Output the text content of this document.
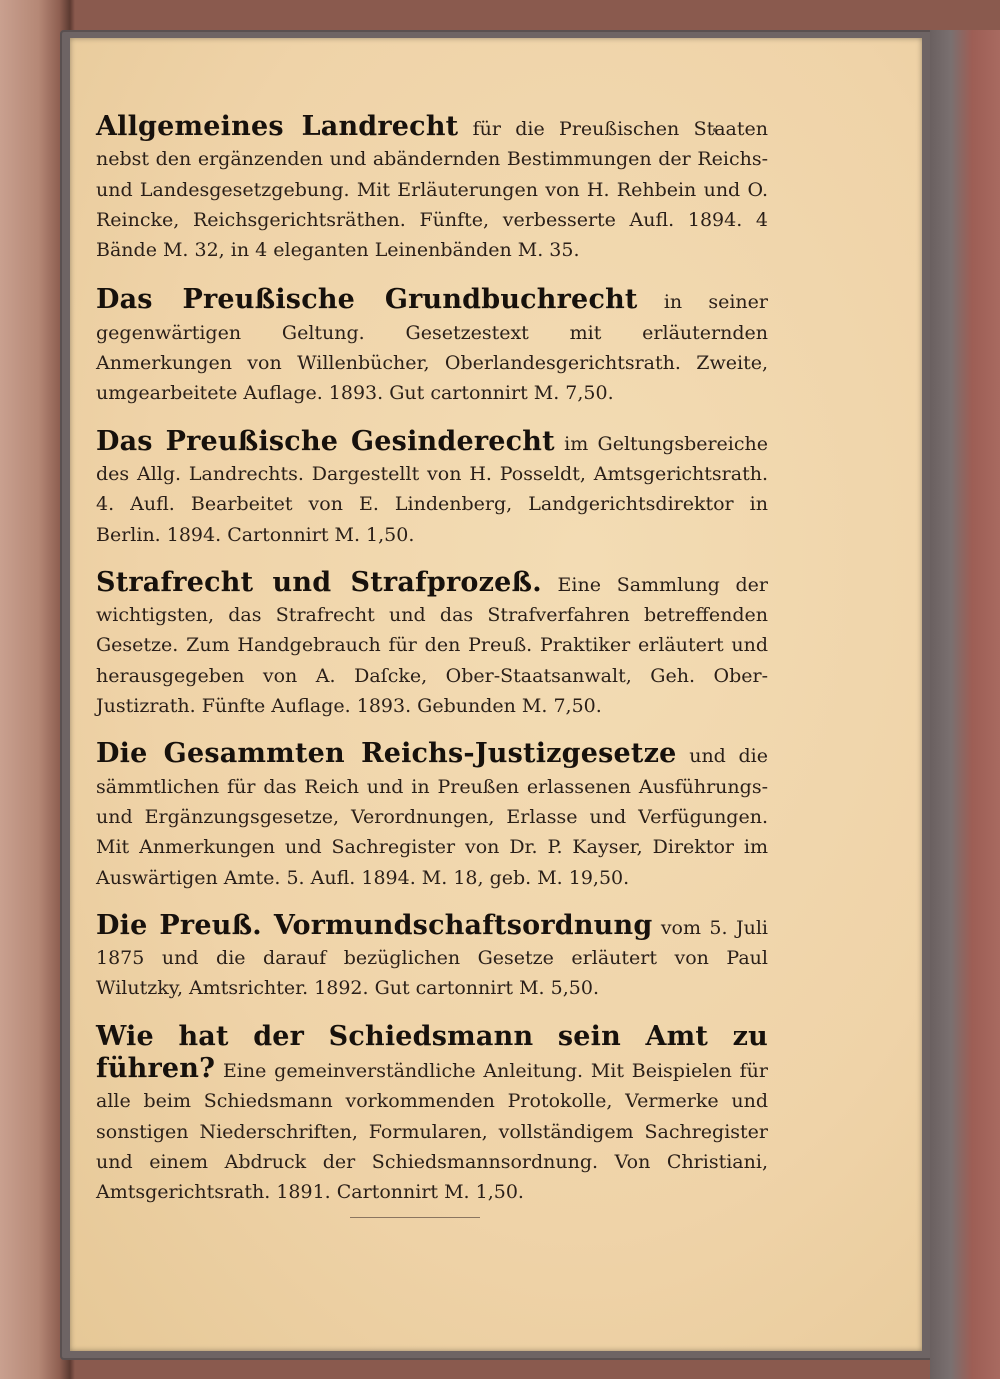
Allgemeines Landrecht für die Preußischen Staaten nebst den ergänzenden und abändernden Bestimmungen der Reichs- und Landesgesetzgebung. Mit Erläuterungen von H. Rehbein und O. Reincke, Reichsgerichtsräthen. Fünfte, verbesserte Aufl. 1894. 4 Bände M. 32, in 4 eleganten Leinenbänden M. 35.

Das Preußische Grundbuchrecht in seiner gegenwärtigen Geltung. Gesetzestext mit erläuternden Anmerkungen von Willenbücher, Oberlandesgerichtsrath. Zweite, umgearbeitete Auflage. 1893. Gut cartonnirt M. 7,50.

Das Preußische Gesinderecht im Geltungsbereiche des Allg. Landrechts. Dargestellt von H. Posseldt, Amtsgerichtsrath. 4. Aufl. Bearbeitet von E. Lindenberg, Landgerichtsdirektor in Berlin. 1894. Cartonnirt M. 1,50.

Strafrecht und Strafprozeß. Eine Sammlung der wichtigsten, das Strafrecht und das Strafverfahren betreffenden Gesetze. Zum Handgebrauch für den Preuß. Praktiker erläutert und herausgegeben von A. Daſcke, Ober-Staatsanwalt, Geh. Ober-Justizrath. Fünfte Auflage. 1893. Gebunden M. 7,50.

Die Gesammten Reichs-Justizgesetze und die sämmtlichen für das Reich und in Preußen erlassenen Ausführungs- und Ergänzungsgesetze, Verordnungen, Erlasse und Verfügungen. Mit Anmerkungen und Sachregister von Dr. P. Kayser, Direktor im Auswärtigen Amte. 5. Aufl. 1894. M. 18, geb. M. 19,50.

Die Preuß. Vormundschaftsordnung vom 5. Juli 1875 und die darauf bezüglichen Gesetze erläutert von Paul Wilutzky, Amtsrichter. 1892. Gut cartonnirt M. 5,50.

Wie hat der Schiedsmann sein Amt zu führen? Eine gemeinverständliche Anleitung. Mit Beispielen für alle beim Schiedsmann vorkommenden Protokolle, Vermerke und sonstigen Niederschriften, Formularen, vollständigem Sachregister und einem Abdruck der Schiedsmannsordnung. Von Christiani, Amtsgerichtsrath. 1891. Cartonnirt M. 1,50.
